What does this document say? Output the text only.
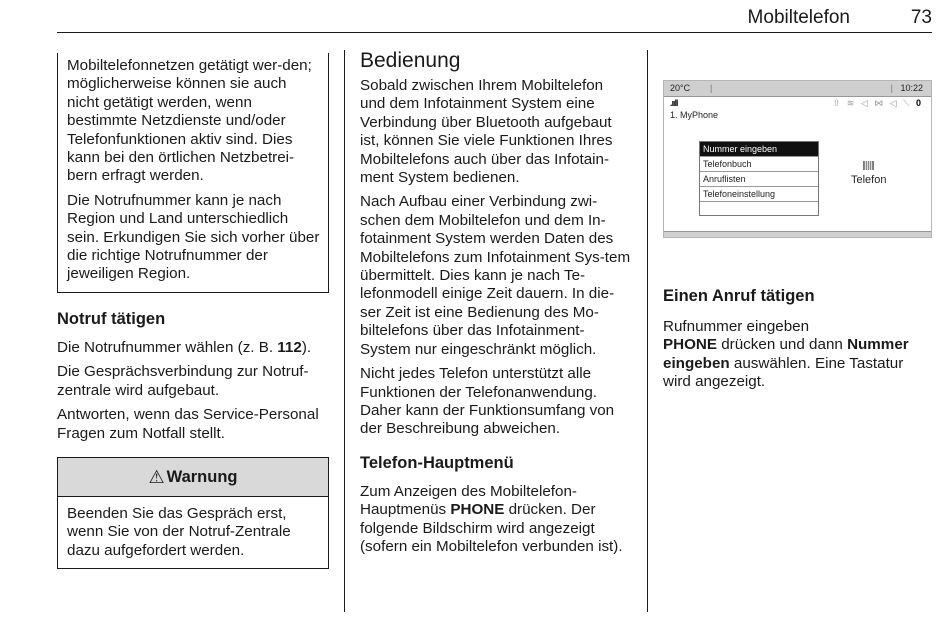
Mobiltelefon	73

Mobiltelefonnetzen getätigt wer-den; möglicherweise können sie auch nicht getätigt werden, wenn bestimmte Netzdienste und/oder Telefonfunktionen aktiv sind. Dies kann bei den örtlichen Netzbetrei-bern erfragt werden.

Die Notrufnummer kann je nach Region und Land unterschiedlich sein. Erkundigen Sie sich vorher über die richtige Notrufnummer der jeweiligen Region.

Notruf tätigen

Die Notrufnummer wählen (z. B. 112).

Die Gesprächsverbindung zur Notruf-zentrale wird aufgebaut.

Antworten, wenn das Service-Personal Fragen zum Notfall stellt.

⚠ Warnung

Beenden Sie das Gespräch erst, wenn Sie von der Notruf-Zentrale dazu aufgefordert werden.

Bedienung

Sobald zwischen Ihrem Mobiltelefon und dem Infotainment System eine Verbindung über Bluetooth aufgebaut ist, können Sie viele Funktionen Ihres Mobiltelefons auch über das Infotain-ment System bedienen.

Nach Aufbau einer Verbindung zwi-schen dem Mobiltelefon und dem In-fotainment System werden Daten des Mobiltelefons zum Infotainment Sys-tem übermittelt. Dies kann je nach Te-lefonmodell einige Zeit dauern. In die-ser Zeit ist eine Bedienung des Mo-biltelefons über das Infotainment-System nur eingeschränkt möglich.

Nicht jedes Telefon unterstützt alle Funktionen der Telefonanwendung. Daher kann der Funktionsumfang von der Beschreibung abweichen.

Telefon-Hauptmenü

Zum Anzeigen des Mobiltelefon-Hauptmenüs PHONE drücken. Der folgende Bildschirm wird angezeigt (sofern ein Mobiltelefon verbunden ist).

20°C |	| 10:22
.ııll	⇧ ≋ ◁ ⋈ ◁ ⟍ 0
1. MyPhone
Nummer eingeben
Telefonbuch
Anruflisten
Telefoneinstellung
Telefon
Einen Anruf tätigen

Rufnummer eingeben

PHONE drücken und dann Nummer eingeben auswählen. Eine Tastatur wird angezeigt.
